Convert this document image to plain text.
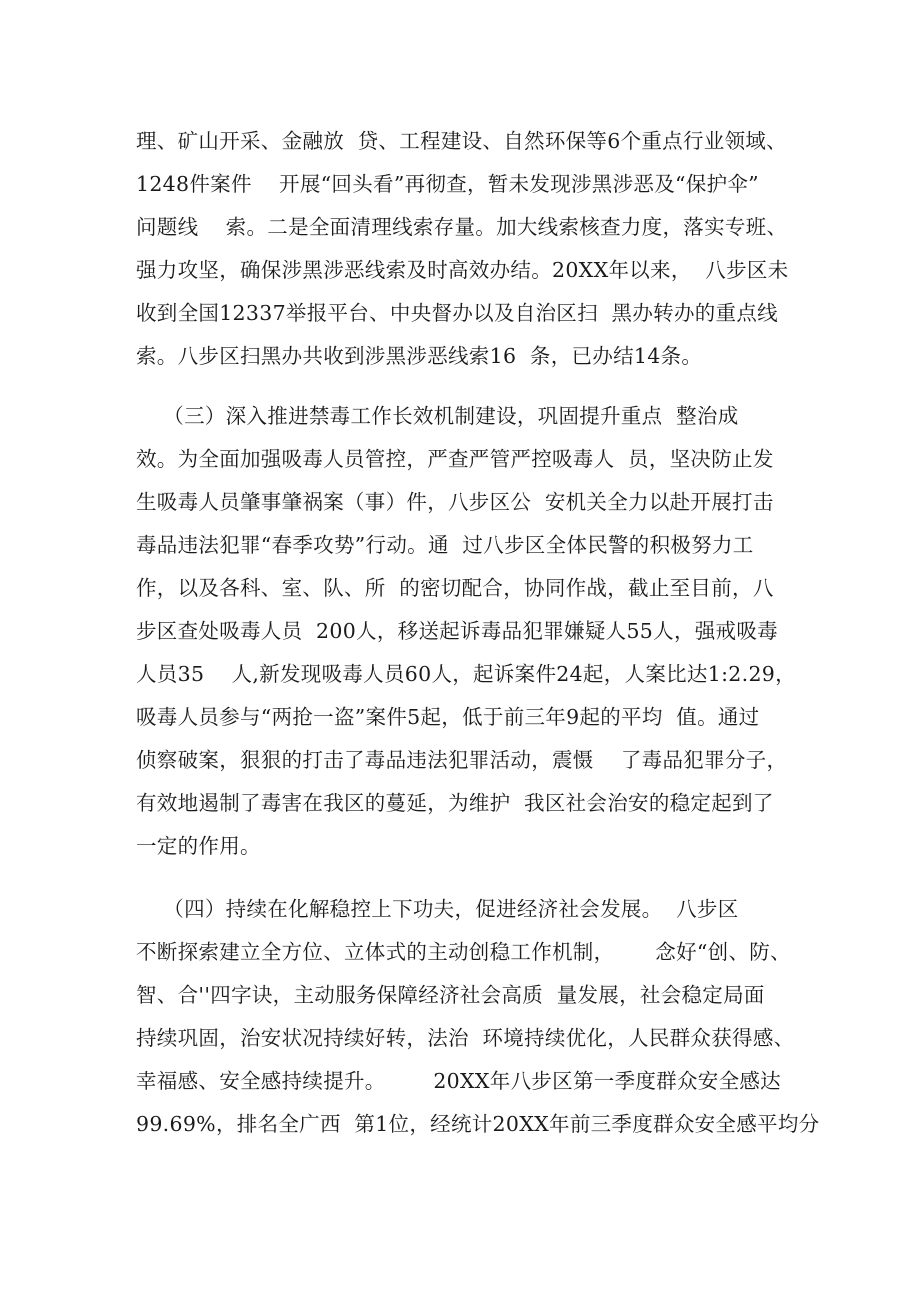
理、矿山开采、金融放  贷、工程建设、自然环保等6个重点行业领域、
1248件案件    开展“回头看”再彻查，暂未发现涉黑涉恶及“保护伞”
问题线    索。二是全面清理线索存量。加大线索核查力度，落实专班、
强力攻坚，确保涉黑涉恶线索及时高效办结。20XX年以来，  八步区未
收到全国12337举报平台、中央督办以及自治区扫  黑办转办的重点线
索。八步区扫黑办共收到涉黑涉恶线索16  条，已办结14条。
（三）深入推进禁毒工作长效机制建设，巩固提升重点  整治成
效。为全面加强吸毒人员管控，严查严管严控吸毒人  员，坚决防止发
生吸毒人员肇事肇祸案（事）件，八步区公  安机关全力以赴开展打击
毒品违法犯罪“春季攻势”行动。通  过八步区全体民警的积极努力工
作，以及各科、室、队、所  的密切配合，协同作战，截止至目前，八
步区查处吸毒人员  200人，移送起诉毒品犯罪嫌疑人55人，强戒吸毒
人员35    人,新发现吸毒人员60人，起诉案件24起，人案比达1:2.29，
吸毒人员参与“两抢一盗”案件5起，低于前三年9起的平均  值。通过
侦察破案，狠狠的打击了毒品违法犯罪活动，震慑    了毒品犯罪分子，
有效地遏制了毒害在我区的蔓延，为维护  我区社会治安的稳定起到了
一定的作用。
（四）持续在化解稳控上下功夫，促进经济社会发展。  八步区
不断探索建立全方位、立体式的主动创稳工作机制，      念好“创、防、
智、合''四字诀，主动服务保障经济社会高质  量发展，社会稳定局面
持续巩固，治安状况持续好转，法治  环境持续优化，人民群众获得感、
幸福感、安全感持续提升。       20XX年八步区第一季度群众安全感达
99.69%，排名全广西  第1位，经统计20XX年前三季度群众安全感平均分
